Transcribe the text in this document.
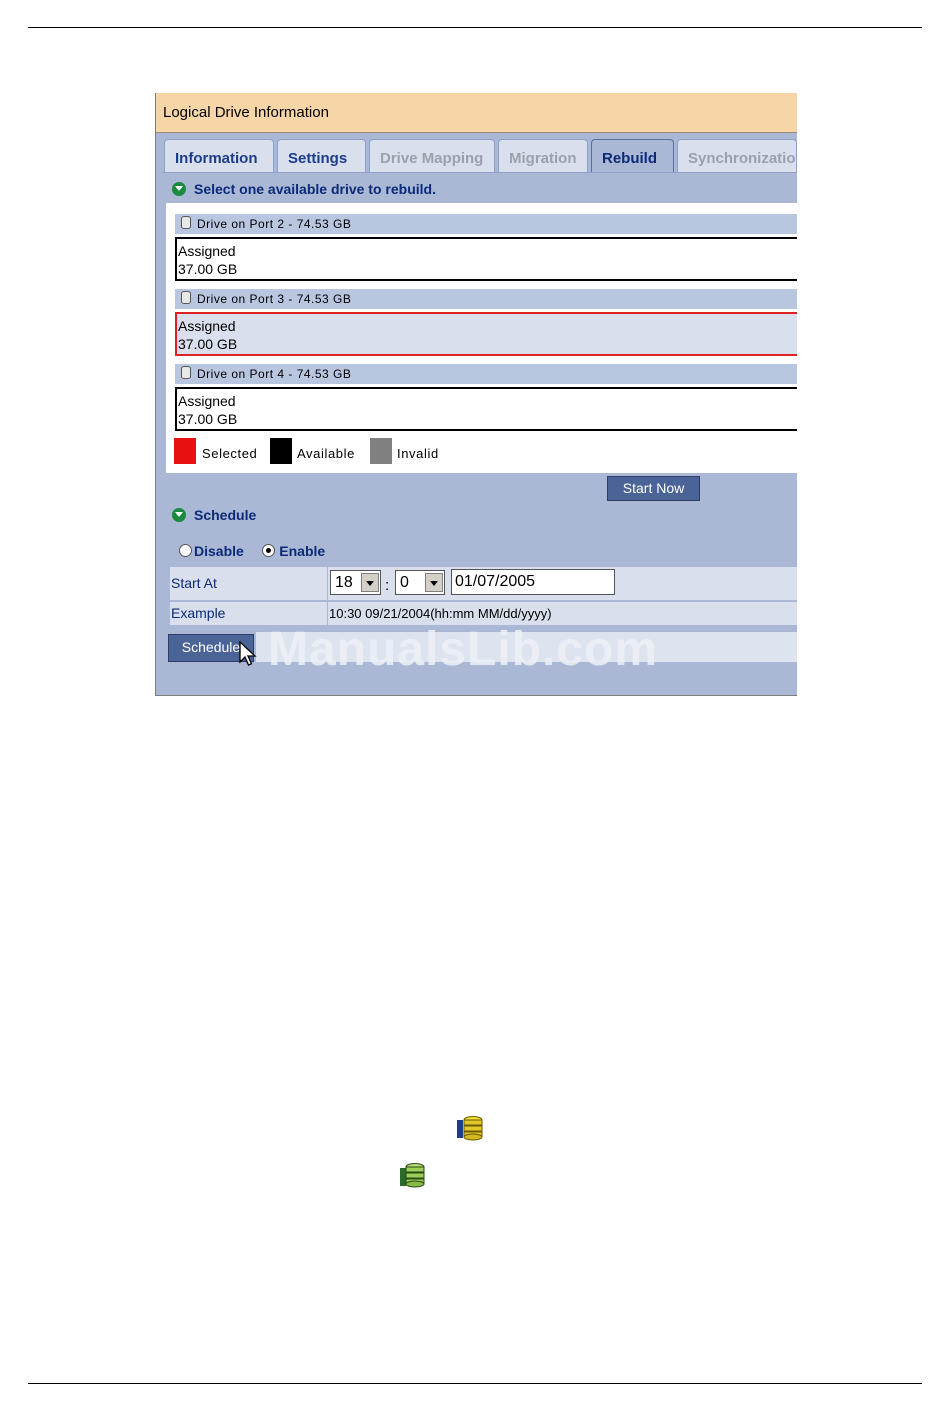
Logical Drive Information
Information	Settings	Drive Mapping	Migration	Rebuild	Synchronizatio
Select one available drive to rebuild.
Drive on Port 2 - 74.53 GB
Assigned
37.00 GB
Drive on Port 3 - 74.53 GB
Assigned
37.00 GB
Drive on Port 4 - 74.53 GB
Assigned
37.00 GB
Selected	Available	Invalid
Start Now
Schedule
Disable	Enable
Start At	18	: 0	01/07/2005
Example	10:30 09/21/2004(hh:mm MM/dd/yyyy)
ManualsLib.com
Schedule
